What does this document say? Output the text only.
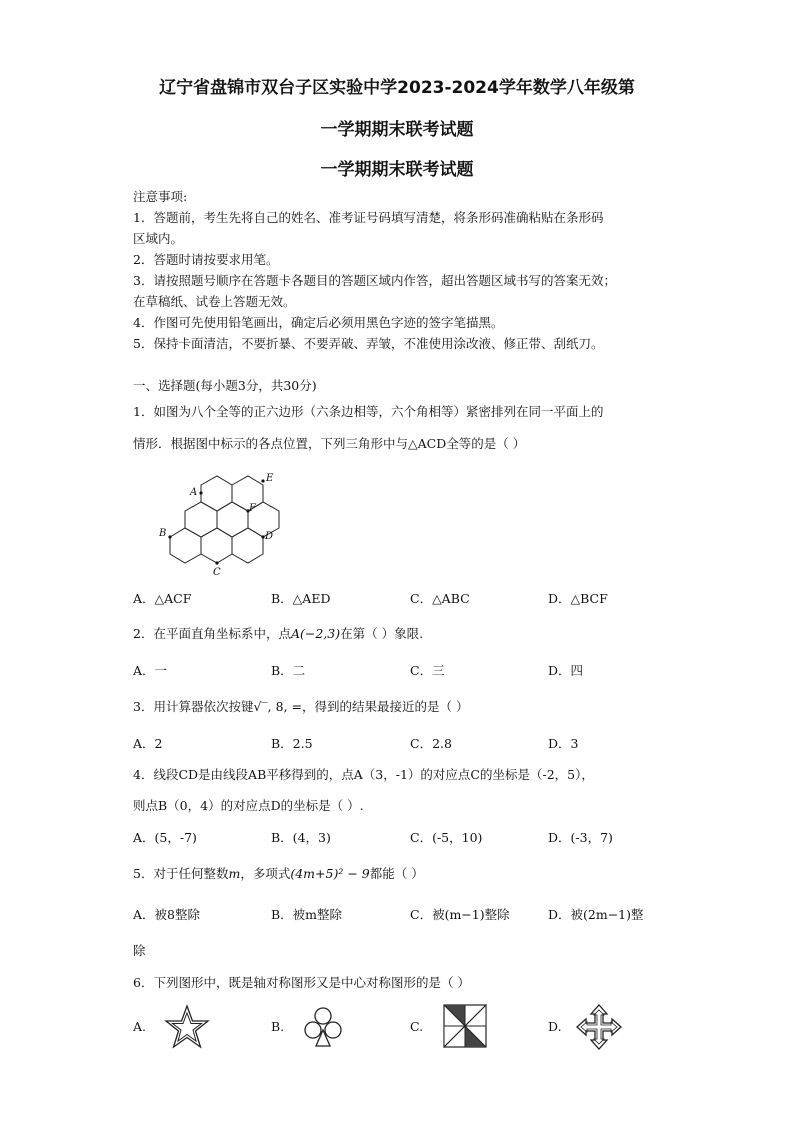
辽宁省盘锦市双台子区实验中学2023-2024学年数学八年级第
一学期期末联考试题
一学期期末联考试题
注意事项:
1．答题前，考生先将自己的姓名、准考证号码填写清楚，将条形码准确粘贴在条形码
区域内。
2．答题时请按要求用笔。
3．请按照题号顺序在答题卡各题目的答题区域内作答，超出答题区域书写的答案无效；
在草稿纸、试卷上答题无效。
4．作图可先使用铅笔画出，确定后必须用黑色字迹的签字笔描黑。
5．保持卡面清洁，不要折暴、不要弄破、弄皱，不准使用涂改液、修正带、刮纸刀。
一、选择题(每小题3分，共30分)
1．如图为八个全等的正六边形（六条边相等，六个角相等）紧密排列在同一平面上的
情形．根据图中标示的各点位置，下列三角形中与△ACD全等的是（ ）
A
E
F
B	D
C
A．△ACF	B．△AED	C．△ABC	D．△BCF
2．在平面直角坐标系中，点A(−2,3)在第（ ）象限.
A．一	B．二	C．三	D．四
3．用计算器依次按键√‾, 8, =，得到的结果最接近的是（ ）
A．2	B．2.5	C．2.8	D．3
4．线段CD是由线段AB平移得到的，点A（3，-1）的对应点C的坐标是（-2，5），
则点B（0，4）的对应点D的坐标是（ ）.
A．(5，-7)	B．(4，3)	C．(-5，10)	D．(-3，7)
5．对于任何整数m，多项式(4m+5)² − 9都能（ ）
A．被8整除	B．被m整除	C．被(m−1)整除	D．被(2m−1)整
除
6．下列图形中，既是轴对称图形又是中心对称图形的是（ ）
A.	B.	C.	D.
